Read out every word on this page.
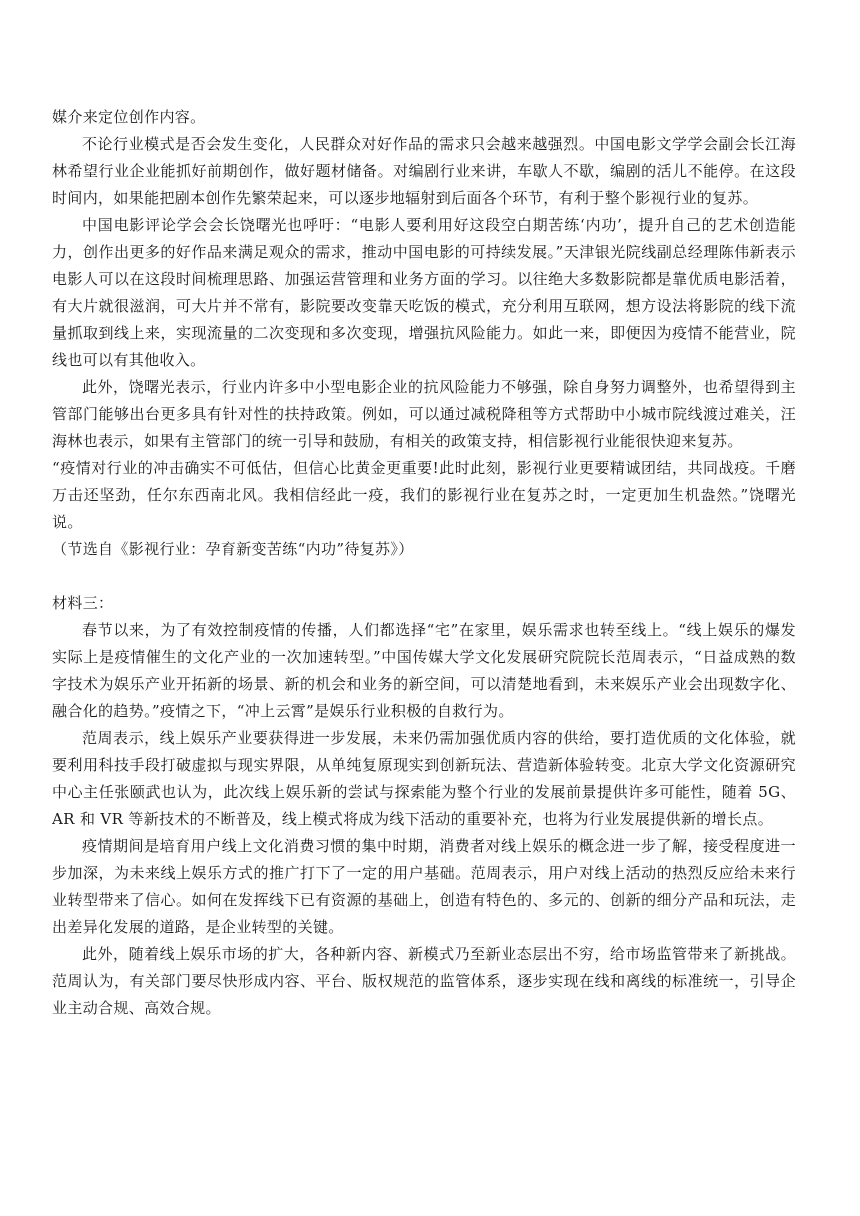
媒介来定位创作内容。

不论行业模式是否会发生变化，人民群众对好作品的需求只会越来越强烈。中国电影文学学会副会长江海林希望行业企业能抓好前期创作，做好题材储备。对编剧行业来讲，车歇人不歇，编剧的活儿不能停。在这段时间内，如果能把剧本创作先繁荣起来，可以逐步地辐射到后面各个环节，有利于整个影视行业的复苏。

中国电影评论学会会长饶曙光也呼吁：“电影人要利用好这段空白期苦练‘内功’，提升自己的艺术创造能力，创作出更多的好作品来满足观众的需求，推动中国电影的可持续发展。”天津银光院线副总经理陈伟新表示电影人可以在这段时间梳理思路、加强运营管理和业务方面的学习。以往绝大多数影院都是靠优质电影活着，有大片就很滋润，可大片并不常有，影院要改变靠天吃饭的模式，充分利用互联网，想方设法将影院的线下流量抓取到线上来，实现流量的二次变现和多次变现，增强抗风险能力。如此一来，即便因为疫情不能营业，院线也可以有其他收入。

此外，饶曙光表示，行业内许多中小型电影企业的抗风险能力不够强，除自身努力调整外，也希望得到主管部门能够出台更多具有针对性的扶持政策。例如，可以通过减税降租等方式帮助中小城市院线渡过难关，汪海林也表示，如果有主管部门的统一引导和鼓励，有相关的政策支持，相信影视行业能很快迎来复苏。

“疫情对行业的冲击确实不可低估，但信心比黄金更重要!此时此刻，影视行业更要精诚团结，共同战疫。千磨万击还坚劲，任尔东西南北风。我相信经此一疫，我们的影视行业在复苏之时，一定更加生机盎然。”饶曙光说。

（节选自《影视行业：孕育新变苦练“内功”待复苏》）

材料三：

春节以来，为了有效控制疫情的传播，人们都选择“宅”在家里，娱乐需求也转至线上。“线上娱乐的爆发实际上是疫情催生的文化产业的一次加速转型。”中国传媒大学文化发展研究院院长范周表示，“日益成熟的数字技术为娱乐产业开拓新的场景、新的机会和业务的新空间，可以清楚地看到，未来娱乐产业会出现数字化、融合化的趋势。”疫情之下，“冲上云霄”是娱乐行业积极的自救行为。

范周表示，线上娱乐产业要获得进一步发展，未来仍需加强优质内容的供给，要打造优质的文化体验，就要利用科技手段打破虚拟与现实界限，从单纯复原现实到创新玩法、营造新体验转变。北京大学文化资源研究中心主任张颐武也认为，此次线上娱乐新的尝试与探索能为整个行业的发展前景提供许多可能性，随着 5G、AR 和 VR 等新技术的不断普及，线上模式将成为线下活动的重要补充，也将为行业发展提供新的增长点。

疫情期间是培育用户线上文化消费习惯的集中时期，消费者对线上娱乐的概念进一步了解，接受程度进一步加深，为未来线上娱乐方式的推广打下了一定的用户基础。范周表示，用户对线上活动的热烈反应给未来行业转型带来了信心。如何在发挥线下已有资源的基础上，创造有特色的、多元的、创新的细分产品和玩法，走出差异化发展的道路，是企业转型的关键。

此外，随着线上娱乐市场的扩大，各种新内容、新模式乃至新业态层出不穷，给市场监管带来了新挑战。范周认为，有关部门要尽快形成内容、平台、版权规范的监管体系，逐步实现在线和离线的标准统一，引导企业主动合规、高效合规。
